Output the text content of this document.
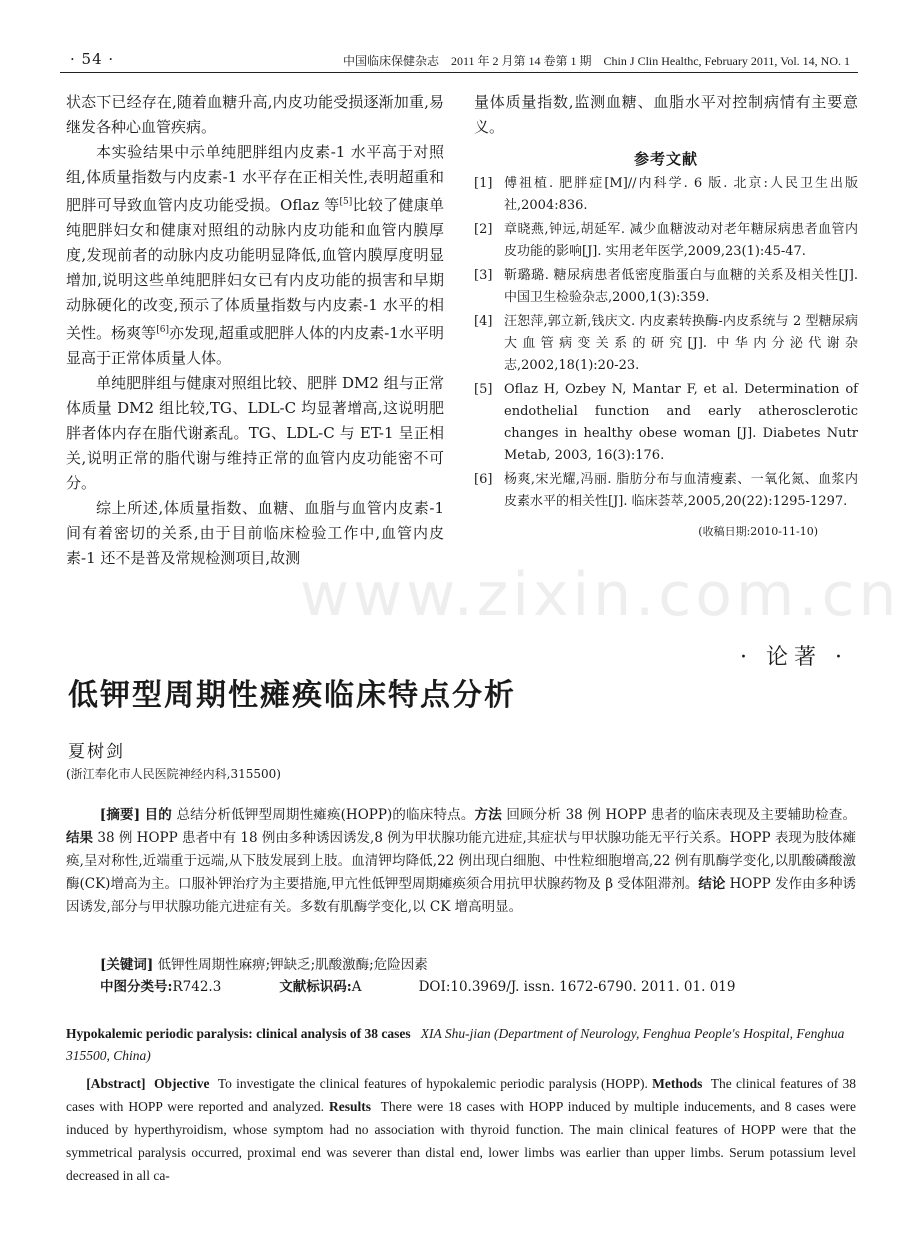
· 54 ·	中国临床保健杂志　2011 年 2 月第 14 卷第 1 期　Chin J Clin Healthc, February 2011, Vol. 14, NO. 1

状态下已经存在,随着血糖升高,内皮功能受损逐渐加重,易继发各种心血管疾病。

本实验结果中示单纯肥胖组内皮素-1 水平高于对照组,体质量指数与内皮素-1 水平存在正相关性,表明超重和肥胖可导致血管内皮功能受损。Oflaz 等[5]比较了健康单纯肥胖妇女和健康对照组的动脉内皮功能和血管内膜厚度,发现前者的动脉内皮功能明显降低,血管内膜厚度明显增加,说明这些单纯肥胖妇女已有内皮功能的损害和早期动脉硬化的改变,预示了体质量指数与内皮素-1 水平的相关性。杨爽等[6]亦发现,超重或肥胖人体的内皮素-1水平明显高于正常体质量人体。

单纯肥胖组与健康对照组比较、肥胖 DM2 组与正常体质量 DM2 组比较,TG、LDL-C 均显著增高,这说明肥胖者体内存在脂代谢紊乱。TG、LDL-C 与 ET-1 呈正相关,说明正常的脂代谢与维持正常的血管内皮功能密不可分。

综上所述,体质量指数、血糖、血脂与血管内皮素-1 间有着密切的关系,由于目前临床检验工作中,血管内皮素-1 还不是普及常规检测项目,故测

量体质量指数,监测血糖、血脂水平对控制病情有主要意义。

参考文献
[1] 傅祖植. 肥胖症[M]//内科学. 6 版. 北京:人民卫生出版社,2004:836.
[2] 章晓燕,钟远,胡延军. 减少血糖波动对老年糖尿病患者血管内皮功能的影响[J]. 实用老年医学,2009,23(1):45-47.
[3] 靳璐璐. 糖尿病患者低密度脂蛋白与血糖的关系及相关性[J]. 中国卫生检验杂志,2000,1(3):359.
[4] 汪恕萍,郭立新,钱庆文. 内皮素转换酶-内皮系统与 2 型糖尿病大血管病变关系的研究[J]. 中华内分泌代谢杂志,2002,18(1):20-23.
[5] Oflaz H, Ozbey N, Mantar F, et al. Determination of endothelial function and early atherosclerotic changes in healthy obese woman [J]. Diabetes Nutr Metab, 2003, 16(3):176.
[6] 杨爽,宋光耀,冯丽. 脂肪分布与血清瘦素、一氧化氮、血浆内皮素水平的相关性[J]. 临床荟萃,2005,20(22):1295-1297.
(收稿日期:2010-11-10)
www.zixin.com.cn
· 论著 ·
低钾型周期性瘫痪临床特点分析
夏树剑
(浙江奉化市人民医院神经内科,315500)
[摘要] 目的 总结分析低钾型周期性瘫痪(HOPP)的临床特点。方法 回顾分析 38 例 HOPP 患者的临床表现及主要辅助检查。结果 38 例 HOPP 患者中有 18 例由多种诱因诱发,8 例为甲状腺功能亢进症,其症状与甲状腺功能无平行关系。HOPP 表现为肢体瘫痪,呈对称性,近端重于远端,从下肢发展到上肢。血清钾均降低,22 例出现白细胞、中性粒细胞增高,22 例有肌酶学变化,以肌酸磷酸激酶(CK)增高为主。口服补钾治疗为主要措施,甲亢性低钾型周期瘫痪须合用抗甲状腺药物及 β 受体阻滞剂。结论 HOPP 发作由多种诱因诱发,部分与甲状腺功能亢进症有关。多数有肌酶学变化,以 CK 增高明显。
[关键词] 低钾性周期性麻痹;钾缺乏;肌酸激酶;危险因素
中图分类号:R742.3	文献标识码:A	DOI:10.3969/J. issn. 1672-6790. 2011. 01. 019
Hypokalemic periodic paralysis: clinical analysis of 38 cases XIA Shu-jian (Department of Neurology, Fenghua People's Hospital, Fenghua 315500, China)
[Abstract] Objective To investigate the clinical features of hypokalemic periodic paralysis (HOPP). Methods The clinical features of 38 cases with HOPP were reported and analyzed. Results There were 18 cases with HOPP induced by multiple inducements, and 8 cases were induced by hyperthyroidism, whose symptom had no association with thyroid function. The main clinical features of HOPP were that the symmetrical paralysis occurred, proximal end was severer than distal end, lower limbs was earlier than upper limbs. Serum potassium level decreased in all ca-
